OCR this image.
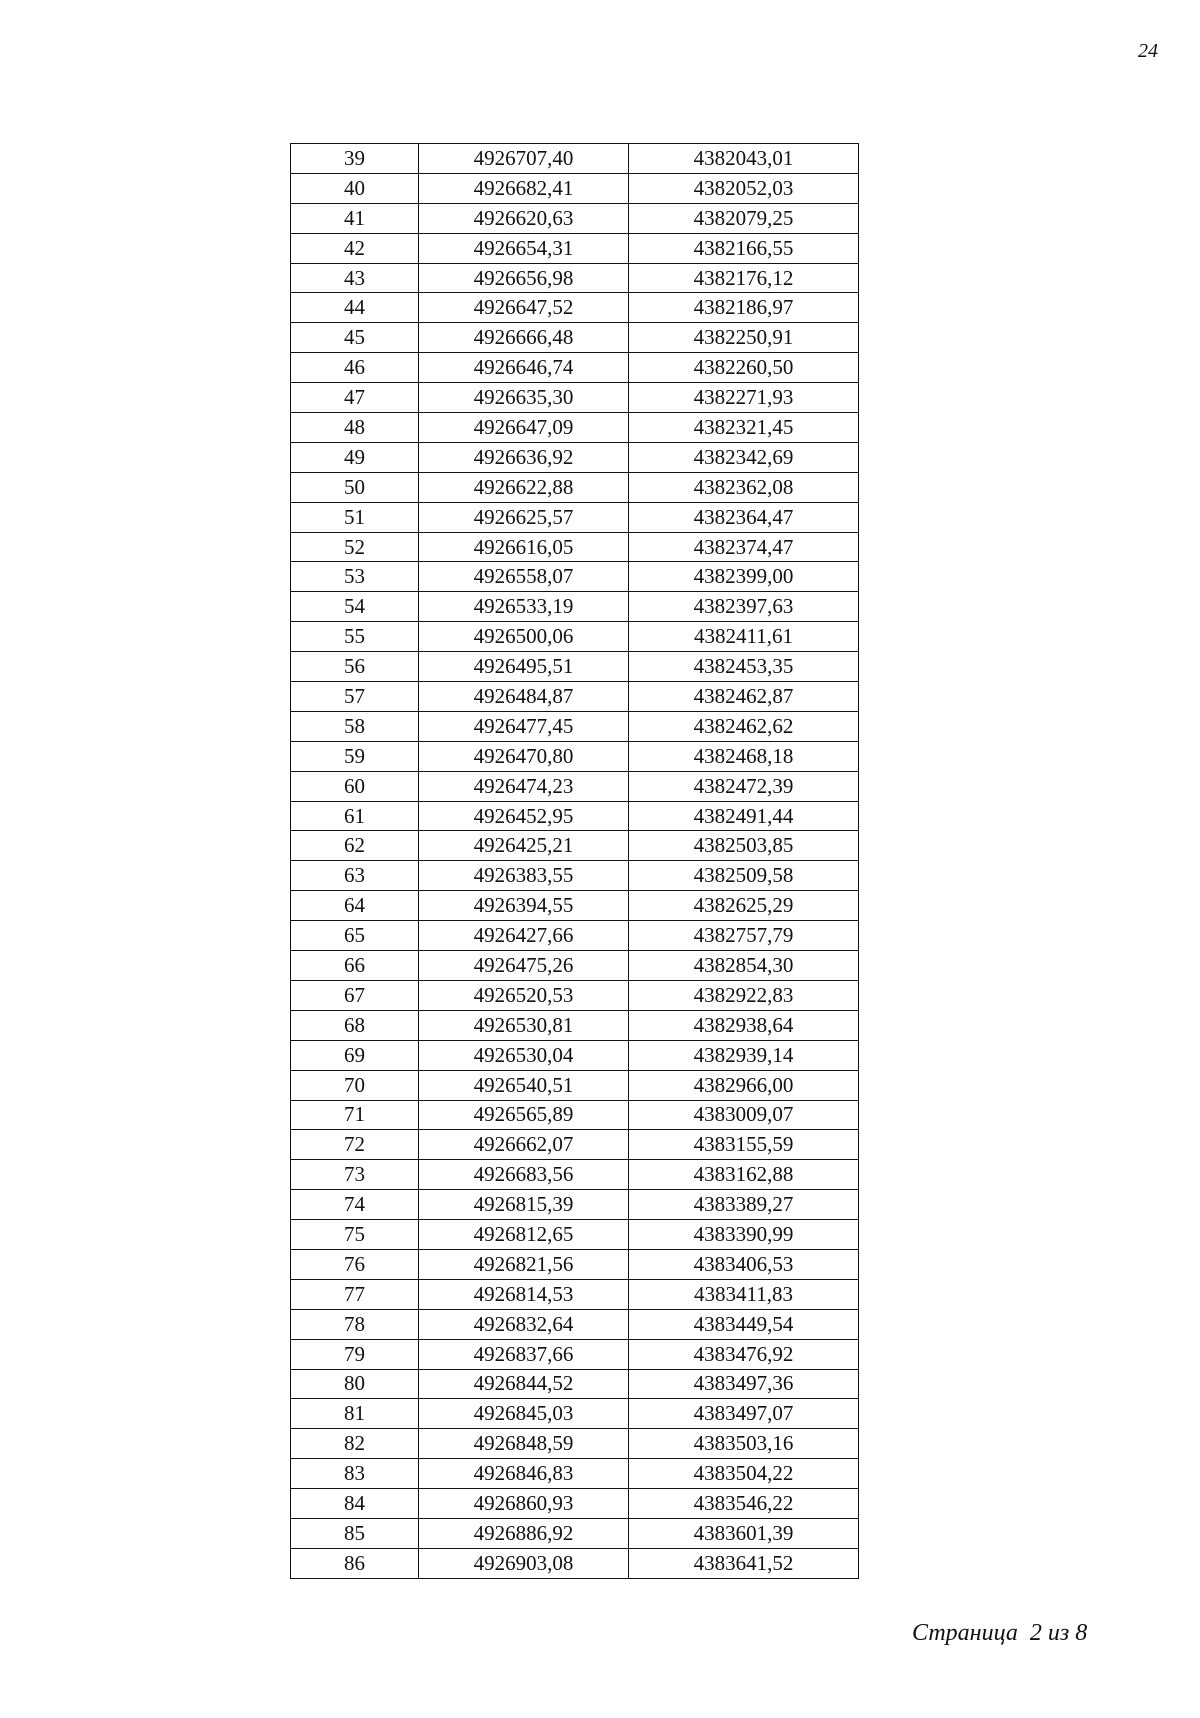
24
39	4926707,40	4382043,01
40	4926682,41	4382052,03
41	4926620,63	4382079,25
42	4926654,31	4382166,55
43	4926656,98	4382176,12
44	4926647,52	4382186,97
45	4926666,48	4382250,91
46	4926646,74	4382260,50
47	4926635,30	4382271,93
48	4926647,09	4382321,45
49	4926636,92	4382342,69
50	4926622,88	4382362,08
51	4926625,57	4382364,47
52	4926616,05	4382374,47
53	4926558,07	4382399,00
54	4926533,19	4382397,63
55	4926500,06	4382411,61
56	4926495,51	4382453,35
57	4926484,87	4382462,87
58	4926477,45	4382462,62
59	4926470,80	4382468,18
60	4926474,23	4382472,39
61	4926452,95	4382491,44
62	4926425,21	4382503,85
63	4926383,55	4382509,58
64	4926394,55	4382625,29
65	4926427,66	4382757,79
66	4926475,26	4382854,30
67	4926520,53	4382922,83
68	4926530,81	4382938,64
69	4926530,04	4382939,14
70	4926540,51	4382966,00
71	4926565,89	4383009,07
72	4926662,07	4383155,59
73	4926683,56	4383162,88
74	4926815,39	4383389,27
75	4926812,65	4383390,99
76	4926821,56	4383406,53
77	4926814,53	4383411,83
78	4926832,64	4383449,54
79	4926837,66	4383476,92
80	4926844,52	4383497,36
81	4926845,03	4383497,07
82	4926848,59	4383503,16
83	4926846,83	4383504,22
84	4926860,93	4383546,22
85	4926886,92	4383601,39
86	4926903,08	4383641,52
Страница  2 из 8
